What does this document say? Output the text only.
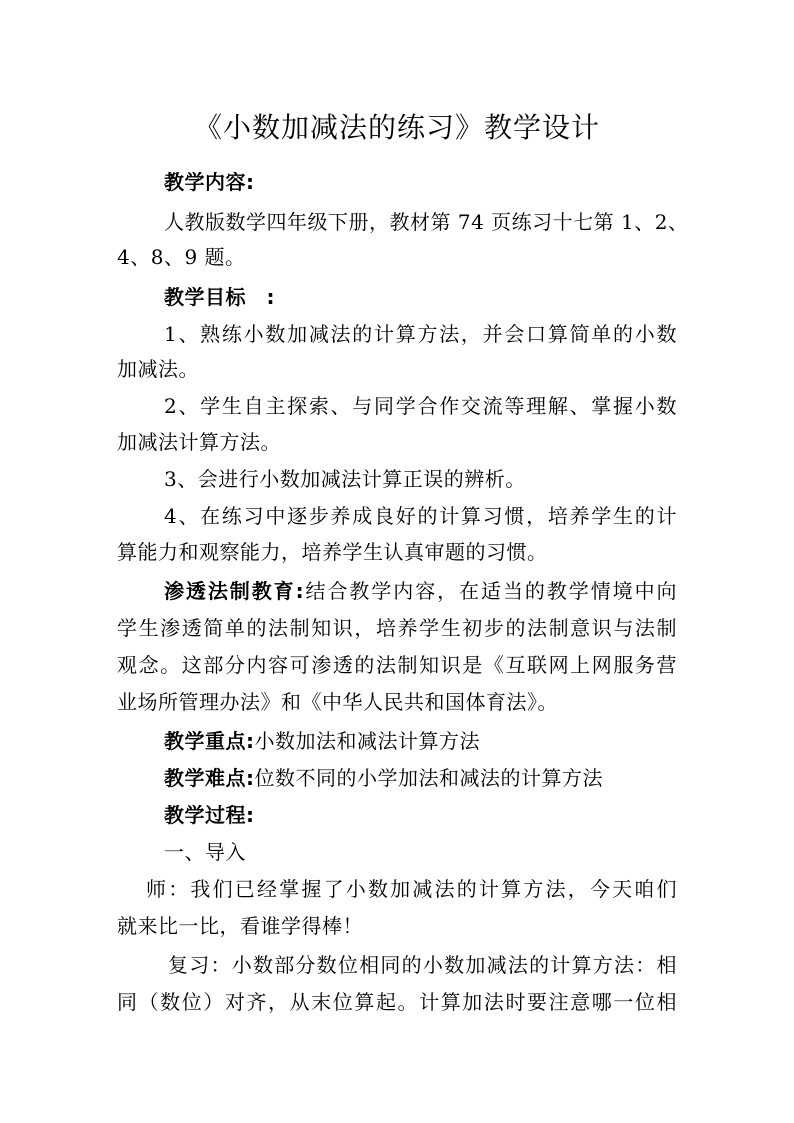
《小数加减法的练习》教学设计
教学内容:
人教版数学四年级下册，教材第 74 页练习十七第 1、2、
4、8、9 题。
教学目标　:
1、熟练小数加减法的计算方法，并会口算简单的小数
加减法。
2、学生自主探索、与同学合作交流等理解、掌握小数
加减法计算方法。
3、会进行小数加减法计算正误的辨析。
4、在练习中逐步养成良好的计算习惯，培养学生的计
算能力和观察能力，培养学生认真审题的习惯。
渗透法制教育:结合教学内容，在适当的教学情境中向
学生渗透简单的法制知识，培养学生初步的法制意识与法制
观念。这部分内容可渗透的法制知识是《互联网上网服务营
业场所管理办法》和《中华人民共和国体育法》。
教学重点:小数加法和减法计算方法
教学难点:位数不同的小学加法和减法的计算方法
教学过程:
一、导入
师：我们已经掌握了小数加减法的计算方法，今天咱们
就来比一比，看谁学得棒！
复习：小数部分数位相同的小数加减法的计算方法：相
同（数位）对齐，从末位算起。计算加法时要注意哪一位相
